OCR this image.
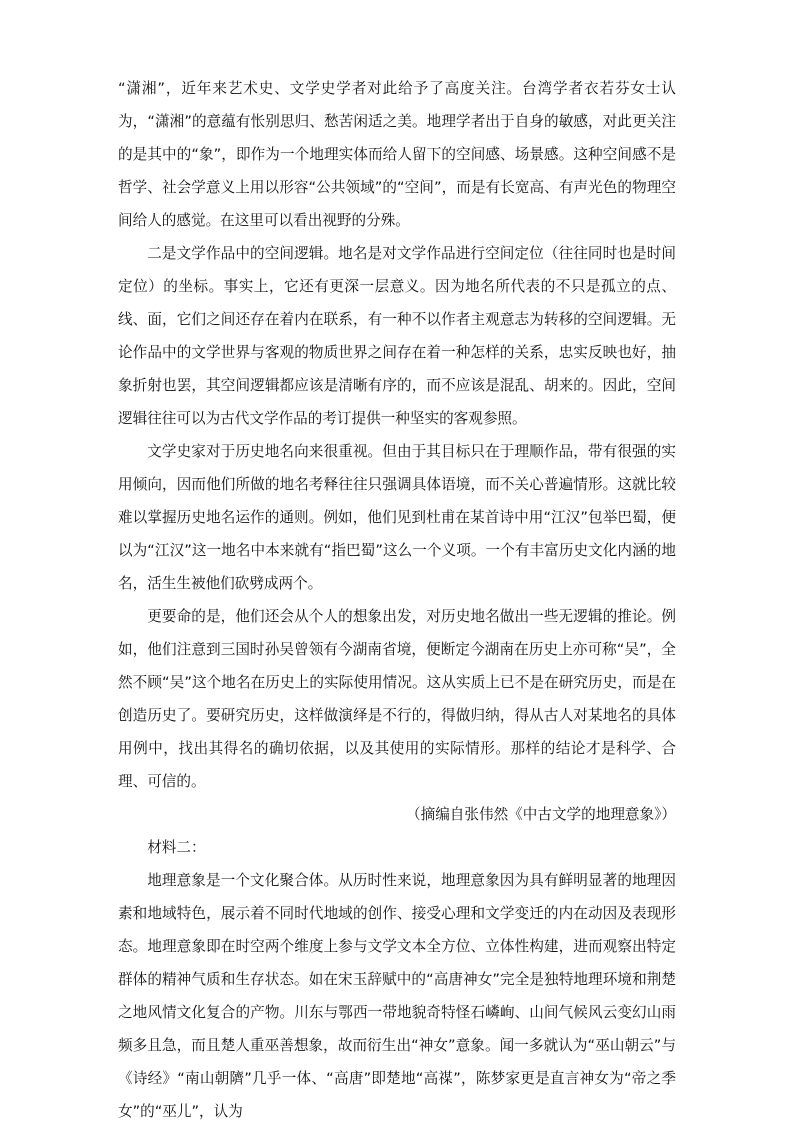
“潇湘”，近年来艺术史、文学史学者对此给予了高度关注。台湾学者衣若芬女士认为，“潇湘”的意蕴有怅别思归、愁苦闲适之美。地理学者出于自身的敏感，对此更关注的是其中的“象”，即作为一个地理实体而给人留下的空间感、场景感。这种空间感不是哲学、社会学意义上用以形容“公共领域”的“空间”，而是有长宽高、有声光色的物理空间给人的感觉。在这里可以看出视野的分殊。

二是文学作品中的空间逻辑。地名是对文学作品进行空间定位（往往同时也是时间定位）的坐标。事实上，它还有更深一层意义。因为地名所代表的不只是孤立的点、线、面，它们之间还存在着内在联系，有一种不以作者主观意志为转移的空间逻辑。无论作品中的文学世界与客观的物质世界之间存在着一种怎样的关系，忠实反映也好，抽象折射也罢，其空间逻辑都应该是清晰有序的，而不应该是混乱、胡来的。因此，空间逻辑往往可以为古代文学作品的考订提供一种坚实的客观参照。

文学史家对于历史地名向来很重视。但由于其目标只在于理顺作品，带有很强的实用倾向，因而他们所做的地名考释往往只强调具体语境，而不关心普遍情形。这就比较难以掌握历史地名运作的通则。例如，他们见到杜甫在某首诗中用“江汉”包举巴蜀，便以为“江汉”这一地名中本来就有“指巴蜀”这么一个义项。一个有丰富历史文化内涵的地名，活生生被他们砍劈成两个。

更要命的是，他们还会从个人的想象出发，对历史地名做出一些无逻辑的推论。例如，他们注意到三国时孙吴曾领有今湖南省境，便断定今湖南在历史上亦可称“吴”，全然不顾“吴”这个地名在历史上的实际使用情况。这从实质上已不是在研究历史，而是在创造历史了。要研究历史，这样做演绎是不行的，得做归纳，得从古人对某地名的具体用例中，找出其得名的确切依据，以及其使用的实际情形。那样的结论才是科学、合理、可信的。

（摘编自张伟然《中古文学的地理意象》）

材料二：

地理意象是一个文化聚合体。从历时性来说，地理意象因为具有鲜明显著的地理因素和地域特色，展示着不同时代地域的创作、接受心理和文学变迁的内在动因及表现形态。地理意象即在时空两个维度上参与文学文本全方位、立体性构建，进而观察出特定群体的精神气质和生存状态。如在宋玉辞赋中的“高唐神女”完全是独特地理环境和荆楚之地风情文化复合的产物。川东与鄂西一带地貌奇特怪石嶙峋、山间气候风云变幻山雨频多且急，而且楚人重巫善想象，故而衍生出“神女”意象。闻一多就认为“巫山朝云”与《诗经》“南山朝隮”几乎一体、“高唐”即楚地“高禖”，陈梦家更是直言神女为“帝之季女”的“巫儿”，认为
